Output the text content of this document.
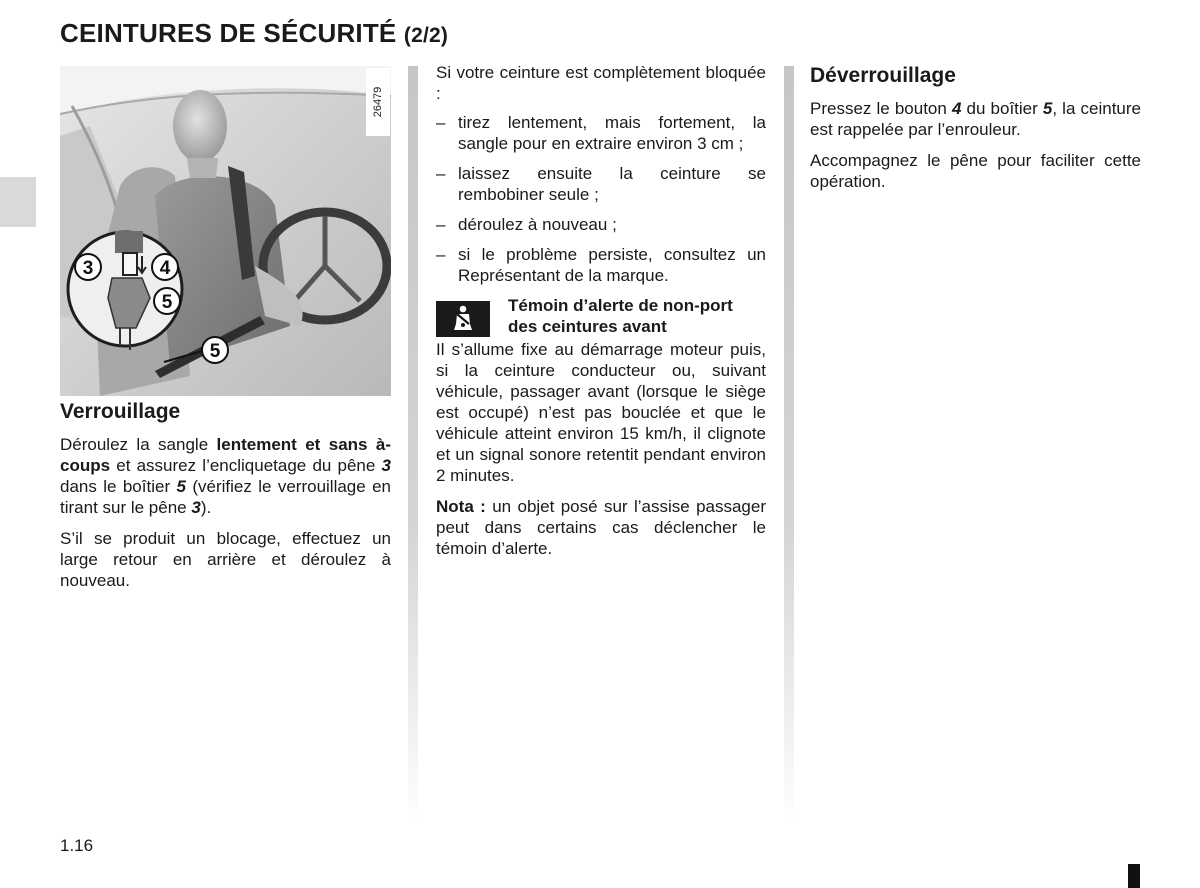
CEINTURES DE SÉCURITÉ (2/2)
3	4
5
5
26479
Verrouillage

Déroulez la sangle lentement et sans à-coups et assurez l’encliquetage du pêne 3 dans le boîtier 5 (vérifiez le verrouillage en tirant sur le pêne 3).

S’il se produit un blocage, effectuez un large retour en arrière et déroulez à nouveau.

Si votre ceinture est complètement bloquée :

– tirez lentement, mais fortement, la sangle pour en extraire environ 3 cm ;
– laissez ensuite la ceinture se rembobiner seule ;
– déroulez à nouveau ;
– si le problème persiste, consultez un Représentant de la marque.
Témoin d’alerte de non-port des ceintures avant

Il s’allume fixe au démarrage moteur puis, si la ceinture conducteur ou, suivant véhicule, passager avant (lorsque le siège est occupé) n’est pas bouclée et que le véhicule atteint environ 15 km/h, il clignote et un signal sonore retentit pendant environ 2 minutes.

Nota : un objet posé sur l’assise passager peut dans certains cas déclencher le témoin d’alerte.

Déverrouillage

Pressez le bouton 4 du boîtier 5, la ceinture est rappelée par l’enrouleur.

Accompagnez le pêne pour faciliter cette opération.

1.16
